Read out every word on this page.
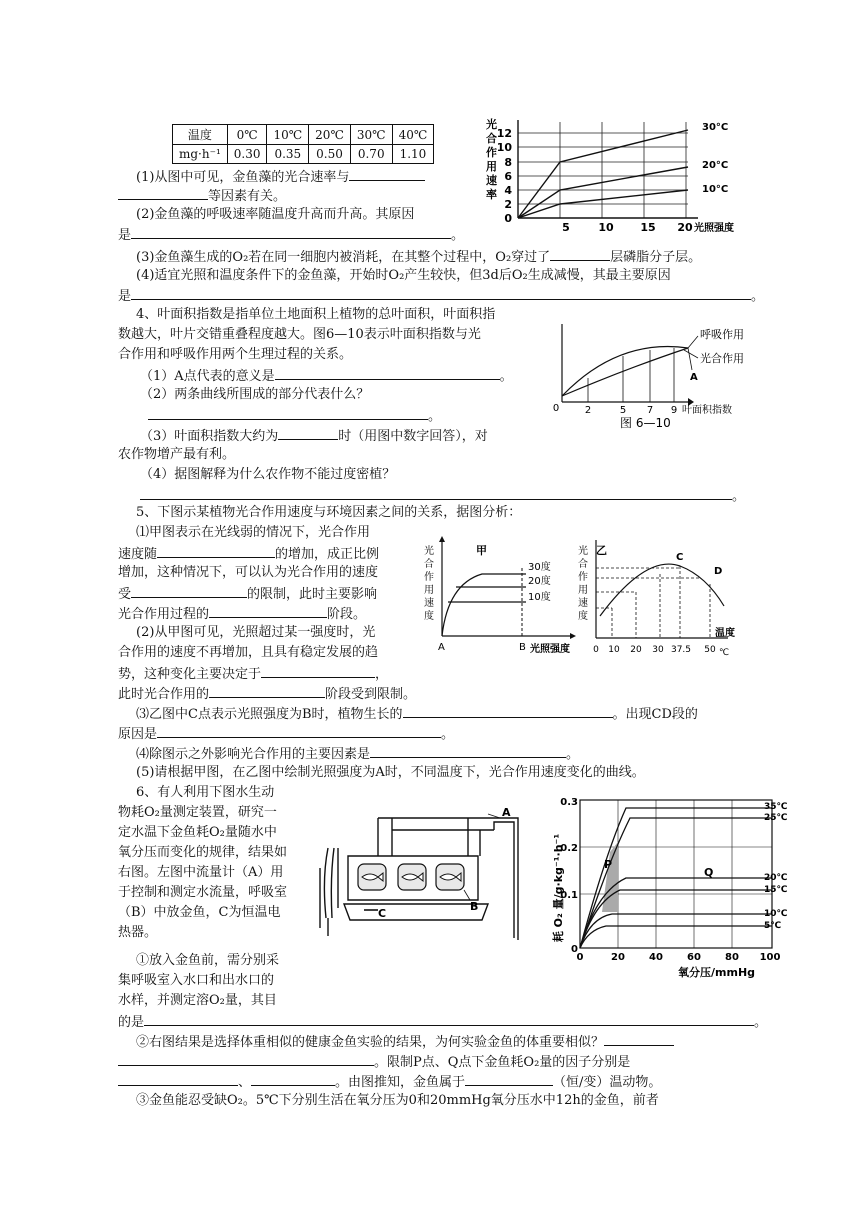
温度	0℃	10℃	20℃	30℃	40℃
mg·h⁻¹	0.30	0.35	0.50	0.70	1.10
(1)从图中可见，金鱼藻的光合速率与
等因素有关。
(2)金鱼藻的呼吸速率随温度升高而升高。其原因
是	。
(3)金鱼藻生成的O₂若在同一细胞内被消耗，在其整个过程中，O₂穿过了	层磷脂分子层。
(4)适宜光照和温度条件下的金鱼藻，开始时O₂产生较快，但3d后O₂生成减慢，其最主要原因
是	。
光
合
作
用
速
率
0
2
4
6
8
10
12
5	10 15 20 光照强度
30°C
20°C
10°C
4、叶面积指数是指单位土地面积上植物的总叶面积，叶面积指
数越大，叶片交错重叠程度越大。图6—10表示叶面积指数与光
合作用和呼吸作用两个生理过程的关系。
（1）A点代表的意义是	。
（2）两条曲线所围成的部分代表什么？
。
（3）叶面积指数大约为	时（用图中数字回答），对
农作物增产最有利。
（4）据图解释为什么农作物不能过度密植？
。
呼吸作用
光合作用
A
0	2	5 7 9 叶面积指数
图 6—10
5、下图示某植物光合作用速度与环境因素之间的关系，据图分析：
⑴甲图表示在光线弱的情况下，光合作用
速度随	的增加，成正比例
增加，这种情况下，可以认为光合作用的速度
受	的限制，此时主要影响
光合作用过程的	阶段。
(2)从甲图可见，光照超过某一强度时，光
合作用的速度不再增加，且具有稳定发展的趋
势，这种变化主要决定于	，
此时光合作用的	阶段受到限制。
⑶乙图中C点表示光照强度为B时，植物生长的	。出现CD段的
原因是	。
⑷除图示之外影响光合作用的主要因素是	。
(5)请根据甲图，在乙图中绘制光照强度为A时，不同温度下，光合作用速度变化的曲线。
光
合
作
用
速
度
甲
30度
20度
10度
A	B 光照强度
光
合
作
用
速
度
乙
C
D
0 10 20 30 37.5 50
温度
℃
6、有人利用下图水生动
物耗O₂量测定装置，研究一
定水温下金鱼耗O₂量随水中
氧分压而变化的规律，结果如
右图。左图中流量计（A）用
于控制和测定水流量，呼吸室
（B）中放金鱼，C为恒温电
热器。
①放入金鱼前，需分别采
集呼吸室入水口和出水口的
水样，并测定溶O₂量，其目
的是	。
②右图结果是选择体重相似的健康金鱼实验的结果，为何实验金鱼的体重要相似？
。限制P点、Q点下金鱼耗O₂量的因子分别是
、	。由图推知，金鱼属于	（恒/变）温动物。
③金鱼能忍受缺O₂。5℃下分别生活在氧分压为0和20mmHg氧分压水中12h的金鱼，前者
A
B
C	耗 O₂ 量/g·kg⁻¹·h⁻¹
0.3
0.2
0.1
0
P
Q
35℃
25℃
20℃
15℃
10℃
5℃
0	20 40 60 80 100
氧分压/mmHg
